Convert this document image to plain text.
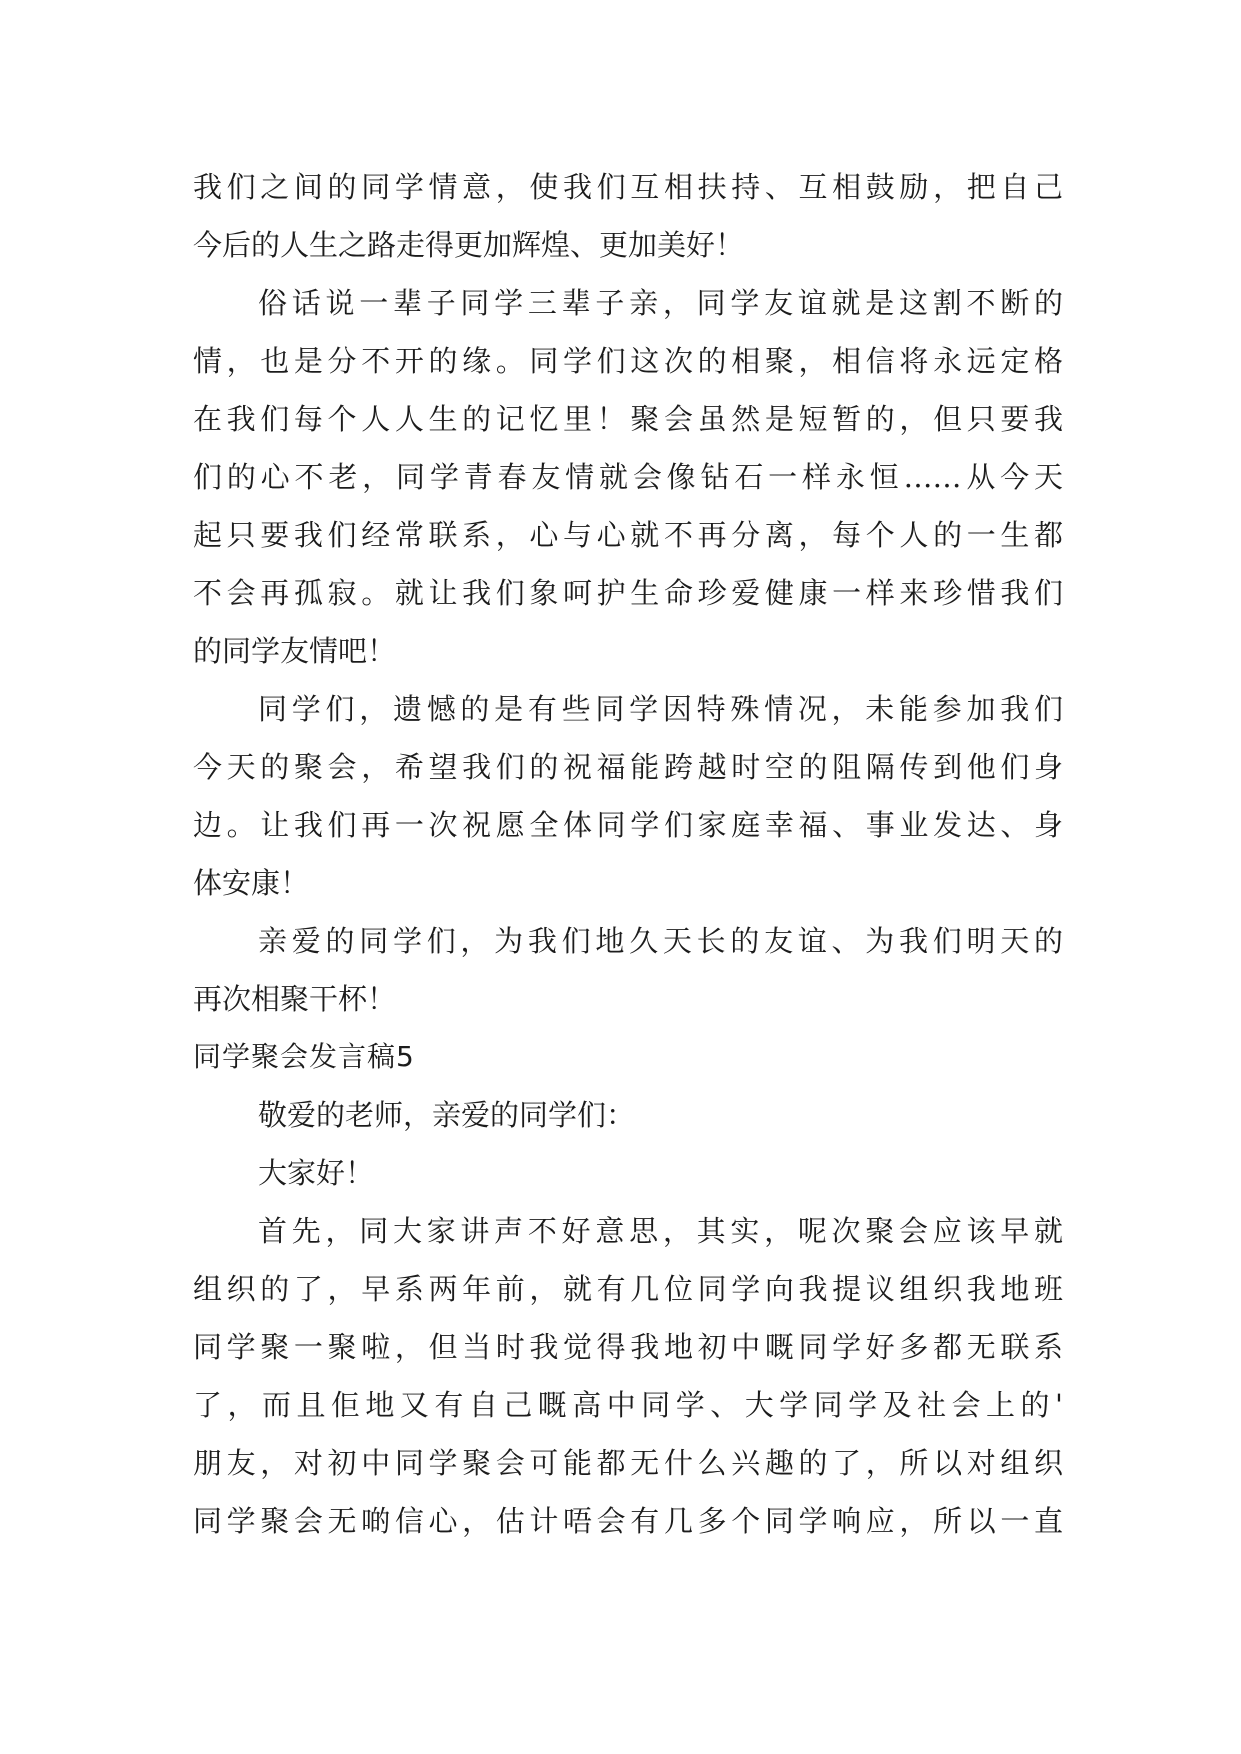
我们之间的同学情意，使我们互相扶持、互相鼓励，把自己
今后的人生之路走得更加辉煌、更加美好！
俗话说一辈子同学三辈子亲，同学友谊就是这割不断的
情，也是分不开的缘。同学们这次的相聚，相信将永远定格
在我们每个人人生的记忆里！聚会虽然是短暂的，但只要我
们的心不老，同学青春友情就会像钻石一样永恒……从今天
起只要我们经常联系，心与心就不再分离，每个人的一生都
不会再孤寂。就让我们象呵护生命珍爱健康一样来珍惜我们
的同学友情吧！
同学们，遗憾的是有些同学因特殊情况，未能参加我们
今天的聚会，希望我们的祝福能跨越时空的阻隔传到他们身
边。让我们再一次祝愿全体同学们家庭幸福、事业发达、身
体安康！
亲爱的同学们，为我们地久天长的友谊、为我们明天的
再次相聚干杯！
同学聚会发言稿5
敬爱的老师，亲爱的同学们：
大家好！
首先，同大家讲声不好意思，其实，呢次聚会应该早就
组织的了，早系两年前，就有几位同学向我提议组织我地班
同学聚一聚啦，但当时我觉得我地初中嘅同学好多都无联系
了，而且佢地又有自己嘅高中同学、大学同学及社会上的'
朋友，对初中同学聚会可能都无什么兴趣的了，所以对组织
同学聚会无啲信心，估计唔会有几多个同学响应，所以一直
